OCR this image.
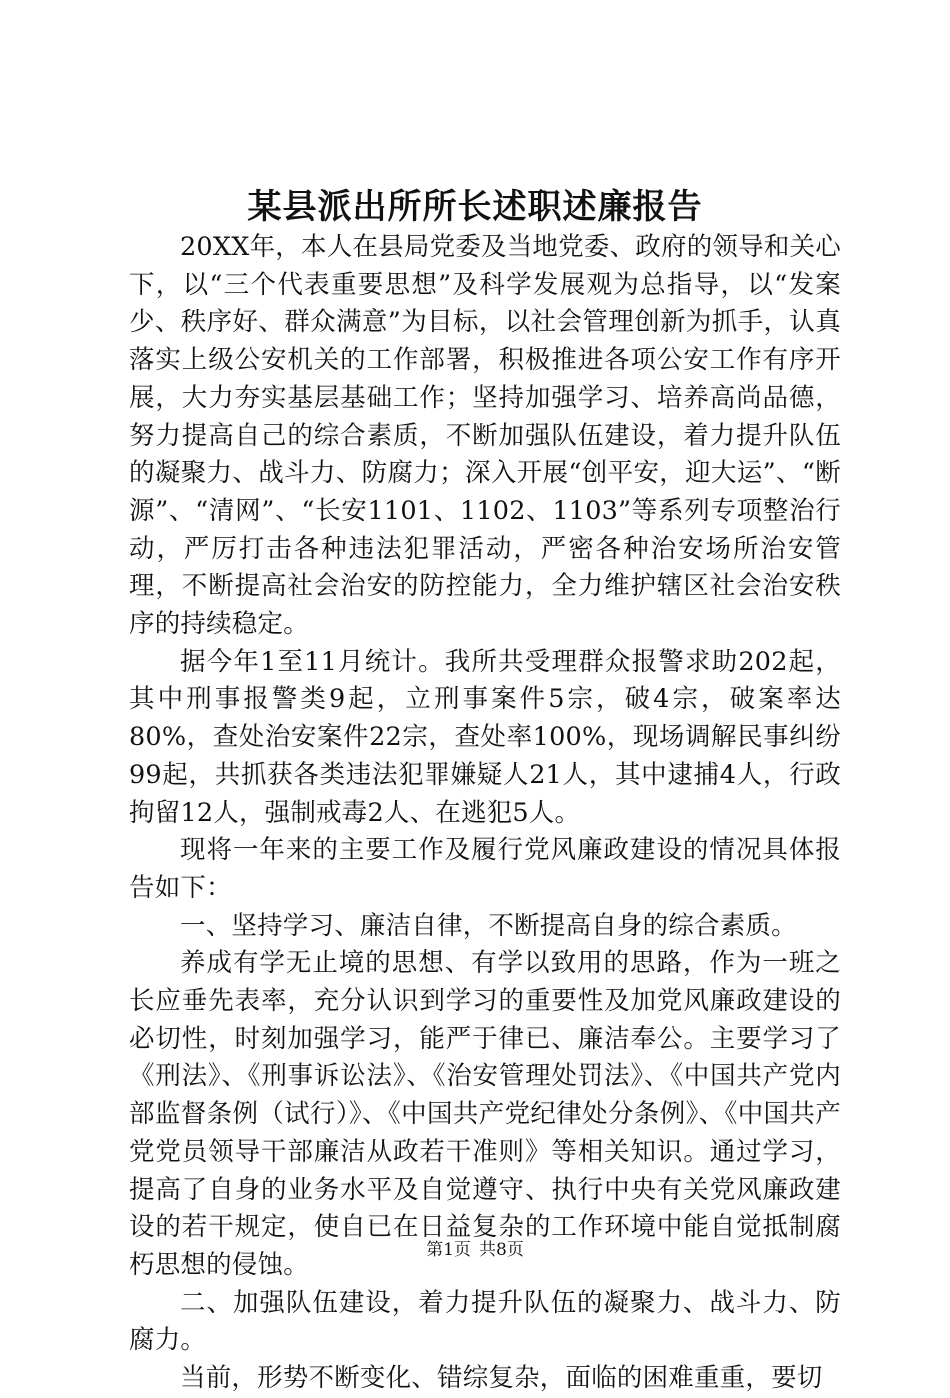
某县派出所所长述职述廉报告

20XX年，本人在县局党委及当地党委、政府的领导和关心下，以“三个代表重要思想”及科学发展观为总指导，以“发案少、秩序好、群众满意”为目标，以社会管理创新为抓手，认真落实上级公安机关的工作部署，积极推进各项公安工作有序开展，大力夯实基层基础工作；坚持加强学习、培养高尚品德，努力提高自己的综合素质，不断加强队伍建设，着力提升队伍的凝聚力、战斗力、防腐力；深入开展“创平安，迎大运”、“断源”、“清网”、“长安1101、1102、1103”等系列专项整治行动，严厉打击各种违法犯罪活动，严密各种治安场所治安管理，不断提高社会治安的防控能力，全力维护辖区社会治安秩序的持续稳定。

据今年1至11月统计。我所共受理群众报警求助202起，其中刑事报警类9起，立刑事案件5宗，破4宗，破案率达80%，查处治安案件22宗，查处率100%，现场调解民事纠纷99起，共抓获各类违法犯罪嫌疑人21人，其中逮捕4人，行政拘留12人，强制戒毒2人、在逃犯5人。

现将一年来的主要工作及履行党风廉政建设的情况具体报告如下：

一、坚持学习、廉洁自律，不断提高自身的综合素质。

养成有学无止境的思想、有学以致用的思路，作为一班之长应垂先表率，充分认识到学习的重要性及加党风廉政建设的必切性，时刻加强学习，能严于律已、廉洁奉公。主要学习了《刑法》、《刑事诉讼法》、《治安管理处罚法》、《中国共产党内部监督条例（试行）》、《中国共产党纪律处分条例》、《中国共产党党员领导干部廉洁从政若干准则》等相关知识。通过学习，提高了自身的业务水平及自觉遵守、执行中央有关党风廉政建设的若干规定，使自已在日益复杂的工作环境中能自觉抵制腐朽思想的侵蚀。

二、加强队伍建设，着力提升队伍的凝聚力、战斗力、防腐力。

当前，形势不断变化、错综复杂，面临的困难重重，要切

第1页 共8页
